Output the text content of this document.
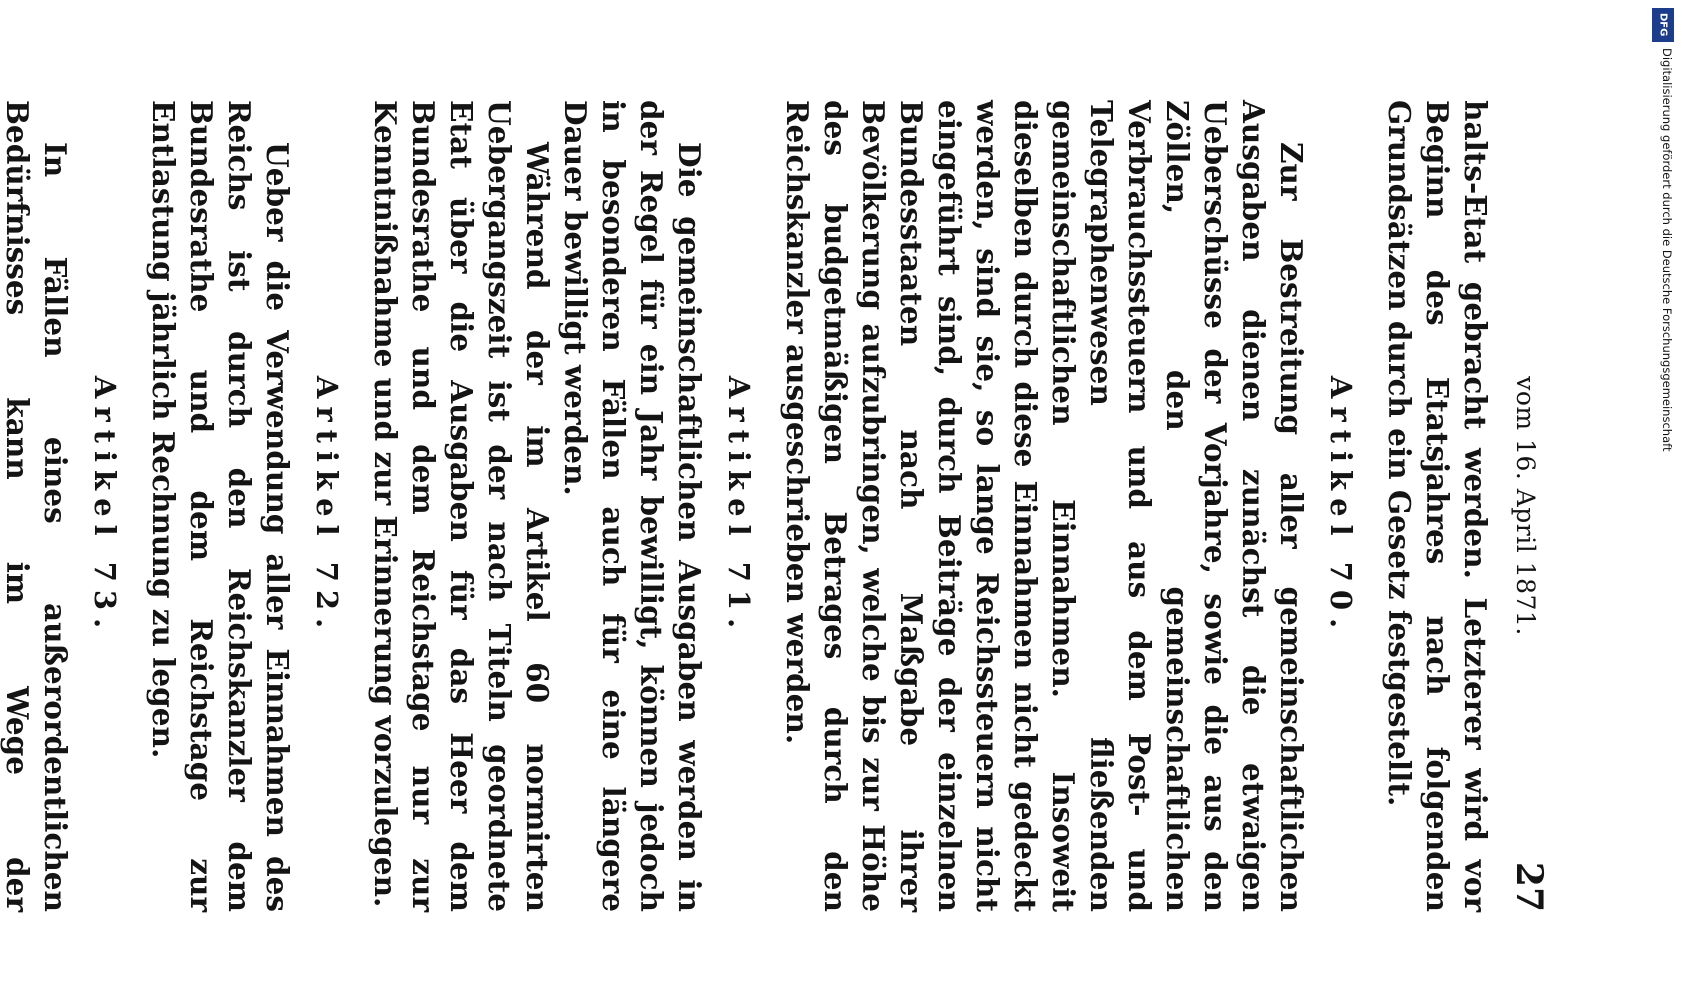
vom 16. April 1871.
27

halts-Etat gebracht werden. Letzterer wird vor Beginn des Etatsjahres nach folgenden Grundsätzen durch ein Gesetz festgestellt.

Artikel 70.

Zur Bestreitung aller gemeinschaftlichen Ausgaben dienen zunächst die etwaigen Ueberschüsse der Vorjahre, sowie die aus den Zöllen, den gemeinschaftlichen Verbrauchssteuern und aus dem Post- und Telegraphenwesen fließenden gemeinschaftlichen Einnahmen. Insoweit dieselben durch diese Einnahmen nicht gedeckt werden, sind sie, so lange Reichssteuern nicht eingeführt sind, durch Beiträge der einzelnen Bundesstaaten nach Maßgabe ihrer Bevölkerung aufzubringen, welche bis zur Höhe des budgetmäßigen Betrages durch den Reichskanzler ausgeschrieben werden.

Artikel 71.

Die gemeinschaftlichen Ausgaben werden in der Regel für ein Jahr bewilligt, können jedoch in besonderen Fällen auch für eine längere Dauer bewilligt werden.

Während der im Artikel 60 normirten Uebergangszeit ist der nach Titeln geordnete Etat über die Ausgaben für das Heer dem Bundesrathe und dem Reichstage nur zur Kenntnißnahme und zur Erinnerung vorzulegen.

Artikel 72.

Ueber die Verwendung aller Einnahmen des Reichs ist durch den Reichskanzler dem Bundesrathe und dem Reichstage zur Entlastung jährlich Rechnung zu legen.

Artikel 73.

In Fällen eines außerordentlichen Bedürfnisses kann im Wege der

DFG
Digitalisierung gefördert durch die Deutsche Forschungsgemeinschaft
